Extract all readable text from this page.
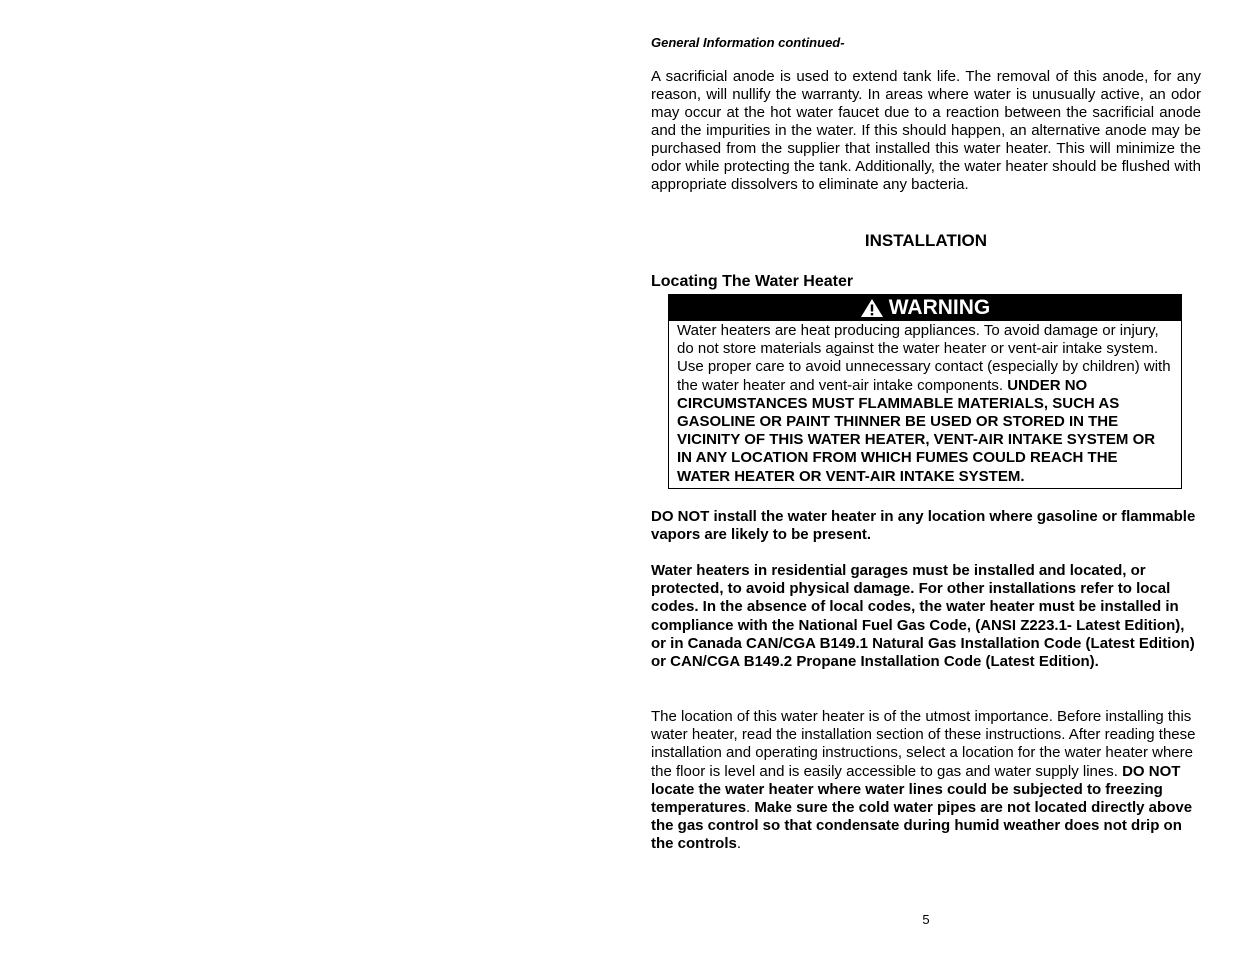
General Information continued-

A sacrificial anode is used to extend tank life. The removal of this anode, for any reason, will nullify the warranty. In areas where water is unusually active, an odor may occur at the hot water faucet due to a reaction between the sacrificial anode and the impurities in the water. If this should happen, an alternative anode may be purchased from the supplier that installed this water heater. This will minimize the odor while protecting the tank. Additionally, the water heater should be flushed with appropriate dissolvers to eliminate any bacteria.

INSTALLATION
Locating The Water Heater
WARNING

Water heaters are heat producing appliances. To avoid damage or injury, do not store materials against the water heater or vent-air intake system. Use proper care to avoid unnecessary contact (especially by children) with the water heater and vent-air intake components. UNDER NO CIRCUMSTANCES MUST FLAMMABLE MATERIALS, SUCH AS GASOLINE OR PAINT THINNER BE USED OR STORED IN THE VICINITY OF THIS WATER HEATER, VENT-AIR INTAKE SYSTEM OR IN ANY LOCATION FROM WHICH FUMES COULD REACH THE WATER HEATER OR VENT-AIR INTAKE SYSTEM.

DO NOT install the water heater in any location where gasoline or flammable vapors are likely to be present.

Water heaters in residential garages must be installed and located, or protected, to avoid physical damage. For other installations refer to local codes. In the absence of local codes, the water heater must be installed in compliance with the National Fuel Gas Code, (ANSI Z223.1- Latest Edition), or in Canada CAN/CGA B149.1 Natural Gas Installation Code (Latest Edition) or CAN/CGA B149.2 Propane Installation Code (Latest Edition).

The location of this water heater is of the utmost importance. Before installing this water heater, read the installation section of these instructions. After reading these installation and operating instructions, select a location for the water heater where the floor is level and is easily accessible to gas and water supply lines. DO NOT locate the water heater where water lines could be subjected to freezing temperatures. Make sure the cold water pipes are not located directly above the gas control so that condensate during humid weather does not drip on the controls.

5
